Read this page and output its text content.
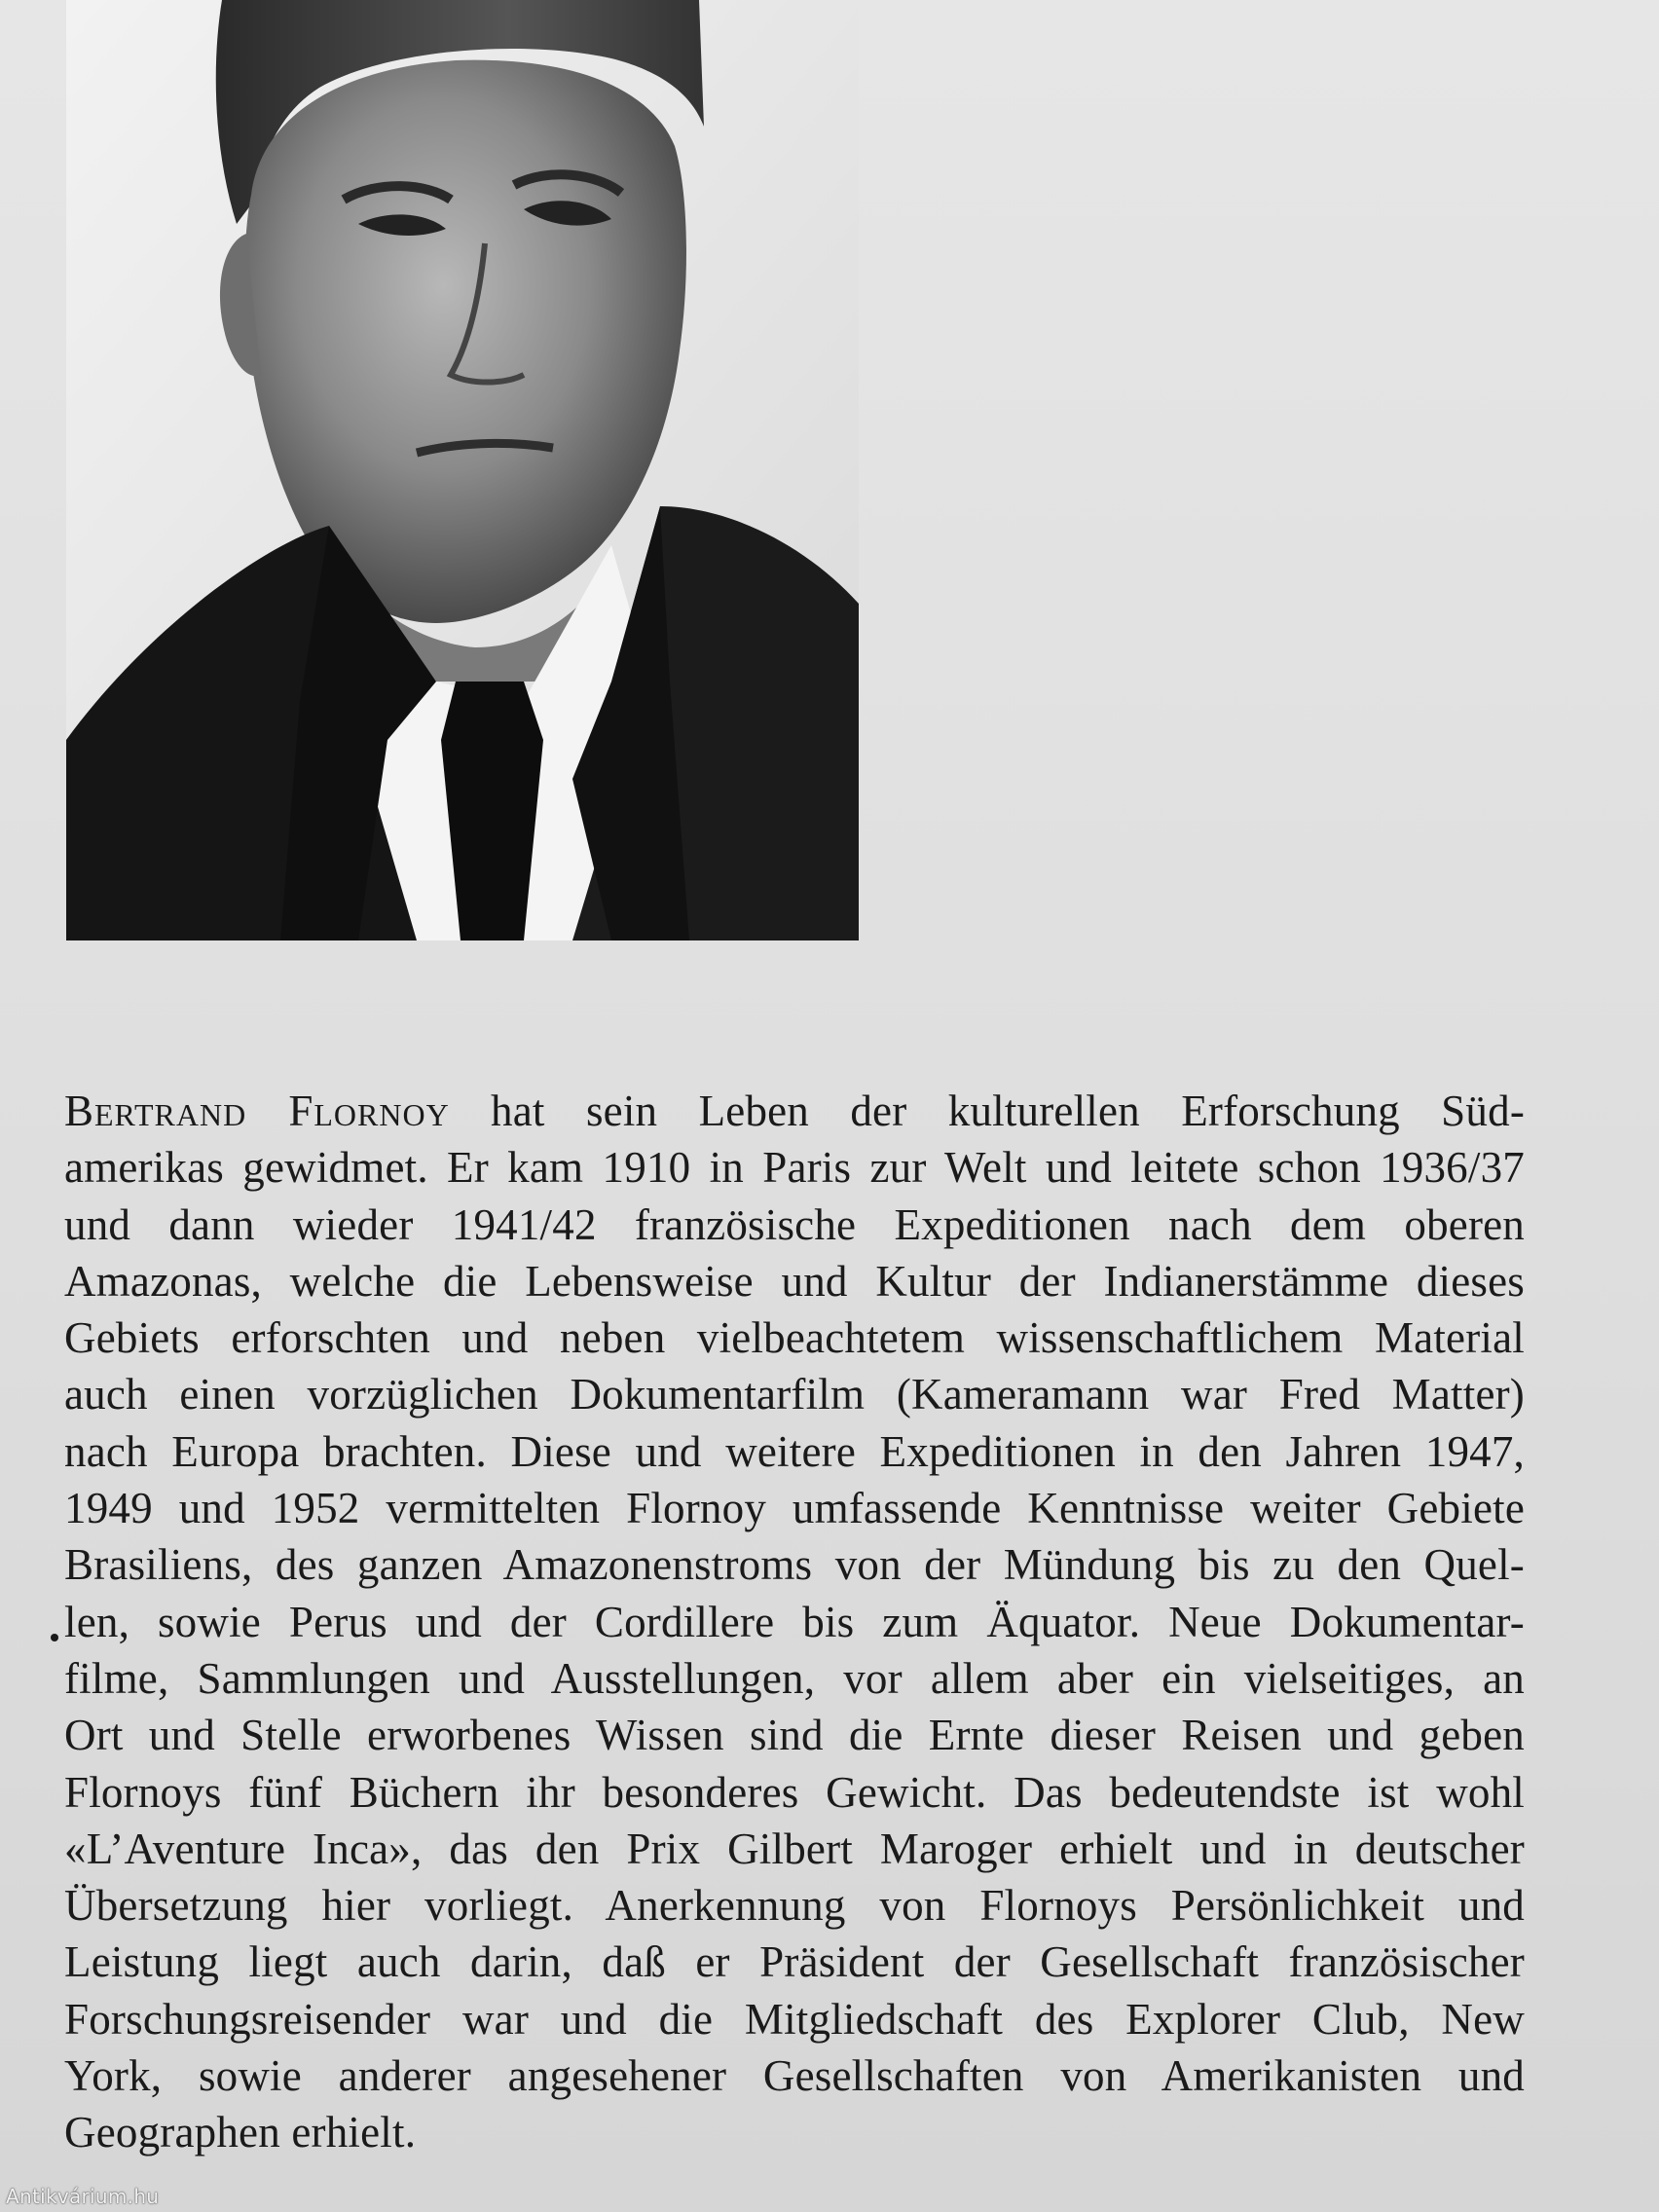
Bertrand Flornoy hat sein Leben der kulturellen Erforschung Süd-
amerikas gewidmet. Er kam 1910 in Paris zur Welt und leitete schon 1936/37
und dann wieder 1941/42 französische Expeditionen nach dem oberen
Amazonas, welche die Lebensweise und Kultur der Indianerstämme dieses
Gebiets erforschten und neben vielbeachtetem wissenschaftlichem Material
auch einen vorzüglichen Dokumentarfilm (Kameramann war Fred Matter)
nach Europa brachten. Diese und weitere Expeditionen in den Jahren 1947,
1949 und 1952 vermittelten Flornoy umfassende Kenntnisse weiter Gebiete
Brasiliens, des ganzen Amazonenstroms von der Mündung bis zu den Quel-
len, sowie Perus und der Cordillere bis zum Äquator. Neue Dokumentar-
filme, Sammlungen und Ausstellungen, vor allem aber ein vielseitiges, an
Ort und Stelle erworbenes Wissen sind die Ernte dieser Reisen und geben
Flornoys fünf Büchern ihr besonderes Gewicht. Das bedeutendste ist wohl
«L’Aventure Inca», das den Prix Gilbert Maroger erhielt und in deutscher
Übersetzung hier vorliegt. Anerkennung von Flornoys Persönlichkeit und
Leistung liegt auch darin, daß er Präsident der Gesellschaft französischer
Forschungsreisender war und die Mitgliedschaft des Explorer Club, New
York, sowie anderer angesehener Gesellschaften von Amerikanisten und
Geographen erhielt.
Antikvárium.hu
